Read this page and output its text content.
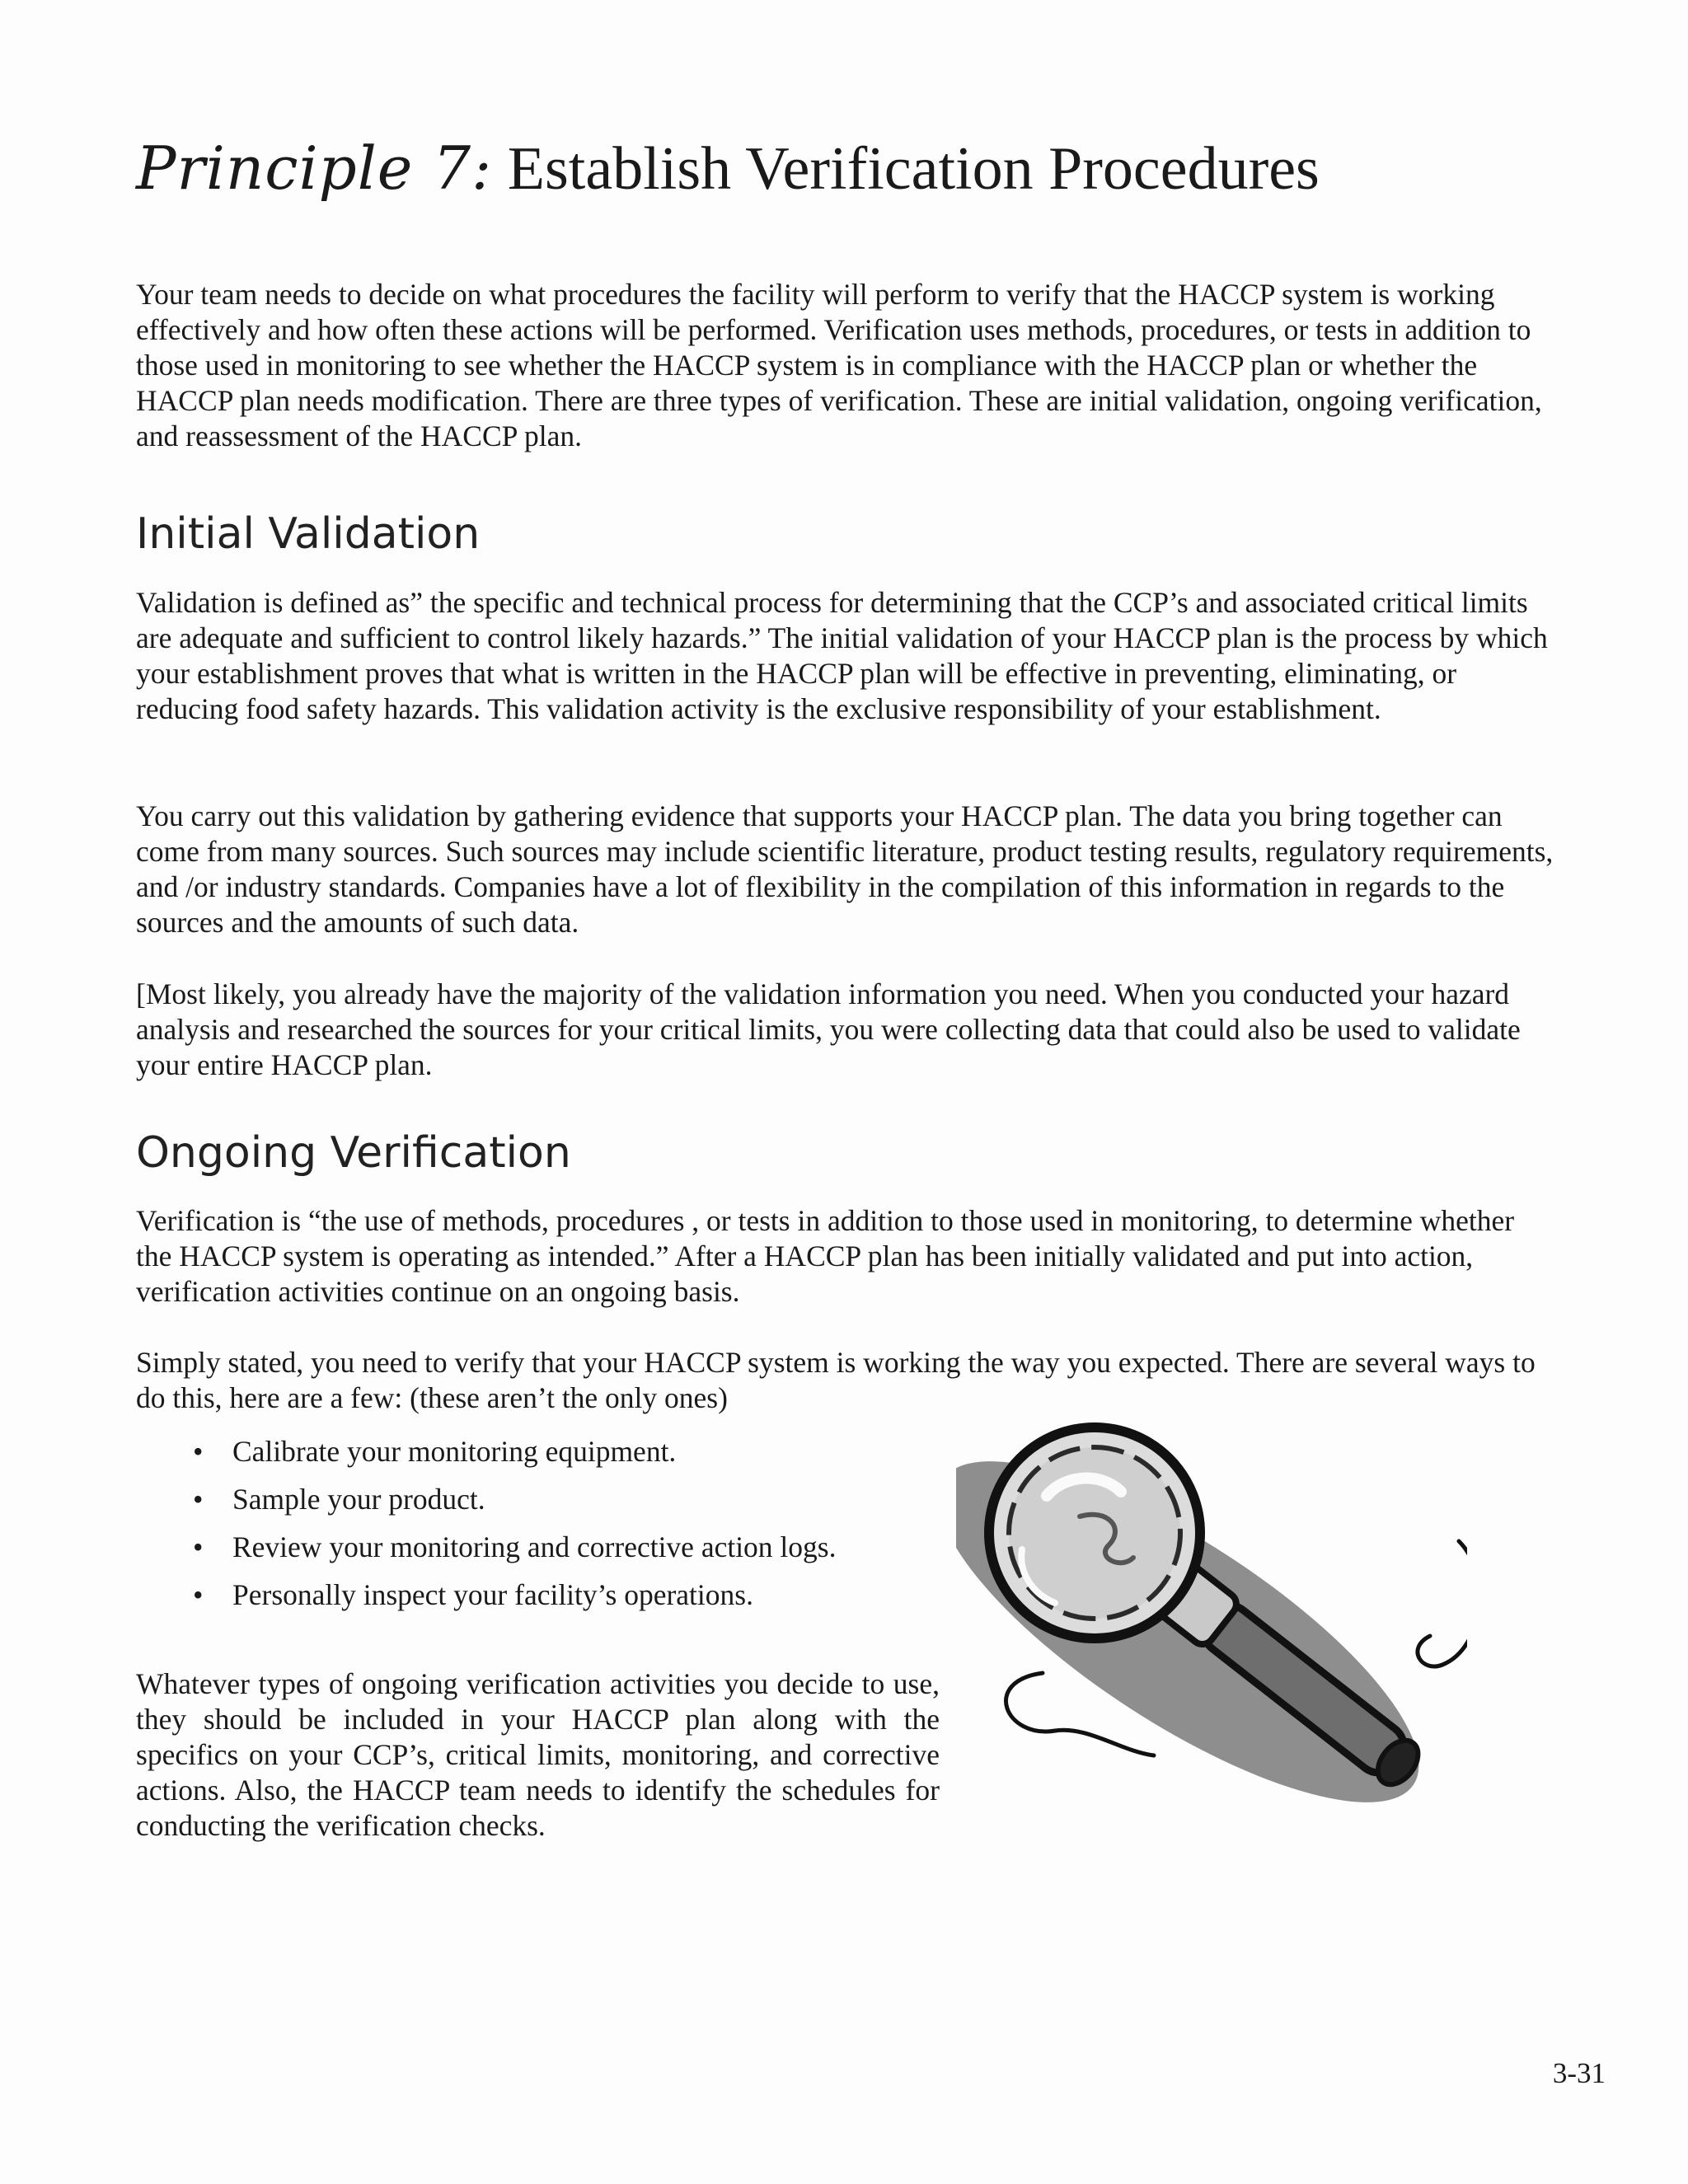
Principle 7: Establish Verification Procedures

Your team needs to decide on what procedures the facility will perform to verify that the HACCP system is working effectively and how often these actions will be performed. Verification uses methods, procedures, or tests in addition to those used in monitoring to see whether the HACCP system is in compliance with the HACCP plan or whether the HACCP plan needs modification. There are three types of verification. These are initial validation, ongoing verification, and reassessment of the HACCP plan.

Initial Validation

Validation is defined as” the specific and technical process for determining that the CCP’s and associated critical limits are adequate and sufficient to control likely hazards.” The initial validation of your HACCP plan is the process by which your establishment proves that what is written in the HACCP plan will be effective in preventing, eliminating, or reducing food safety hazards. This validation activity is the exclusive responsibility of your establishment.

You carry out this validation by gathering evidence that supports your HACCP plan. The data you bring together can come from many sources. Such sources may include scientific literature, product testing results, regulatory requirements, and /or industry standards. Companies have a lot of flexibility in the compilation of this information in regards to the sources and the amounts of such data.

[Most likely, you already have the majority of the validation information you need. When you conducted your hazard analysis and researched the sources for your critical limits, you were collecting data that could also be used to validate your entire HACCP plan.

Ongoing Verification

Verification is “the use of methods, procedures , or tests in addition to those used in monitoring, to determine whether the HACCP system is operating as intended.” After a HACCP plan has been initially validated and put into action, verification activities continue on an ongoing basis.

Simply stated, you need to verify that your HACCP system is working the way you expected. There are several ways to do this, here are a few: (these aren’t the only ones)

• Calibrate your monitoring equipment.
• Sample your product.
• Review your monitoring and corrective action logs.
• Personally inspect your facility’s operations.

Whatever types of ongoing verification activities you decide to use, they should be included in your HACCP plan along with the specifics on your CCP’s, critical limits, monitoring, and corrective actions. Also, the HACCP team needs to identify the schedules for conducting the verification checks.

3-31
